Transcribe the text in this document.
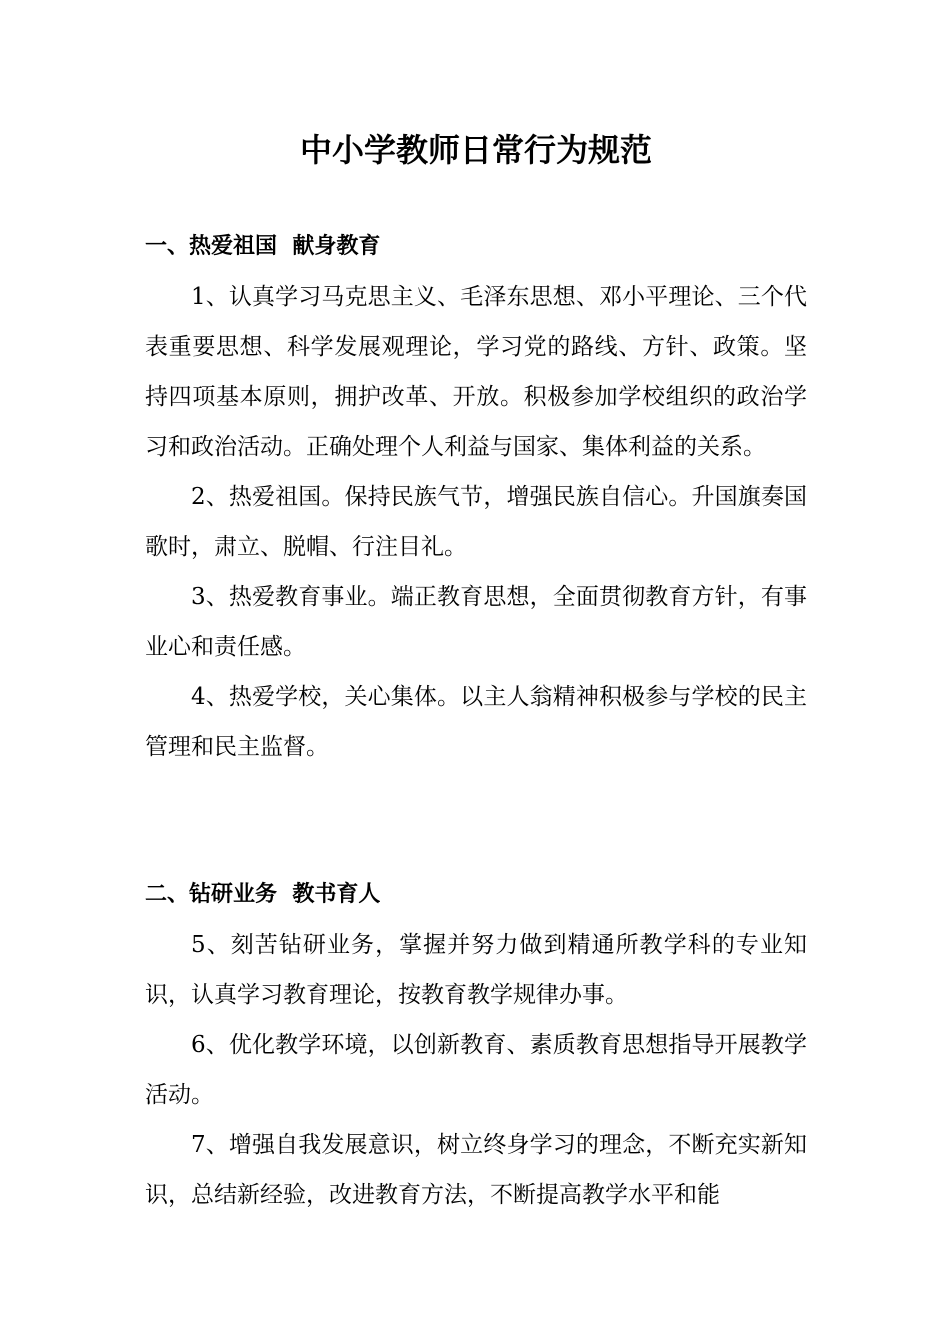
中小学教师日常行为规范
一、热爱祖国  献身教育

1、认真学习马克思主义、毛泽东思想、邓小平理论、三个代表重要思想、科学发展观理论，学习党的路线、方针、政策。坚持四项基本原则，拥护改革、开放。积极参加学校组织的政治学习和政治活动。正确处理个人利益与国家、集体利益的关系。

2、热爱祖国。保持民族气节，增强民族自信心。升国旗奏国歌时，肃立、脱帽、行注目礼。

3、热爱教育事业。端正教育思想，全面贯彻教育方针，有事业心和责任感。

4、热爱学校，关心集体。以主人翁精神积极参与学校的民主管理和民主监督。

二、钻研业务  教书育人

5、刻苦钻研业务，掌握并努力做到精通所教学科的专业知识，认真学习教育理论，按教育教学规律办事。

6、优化教学环境，以创新教育、素质教育思想指导开展教学活动。

7、增强自我发展意识，树立终身学习的理念，不断充实新知识，总结新经验，改进教育方法，不断提高教学水平和能
